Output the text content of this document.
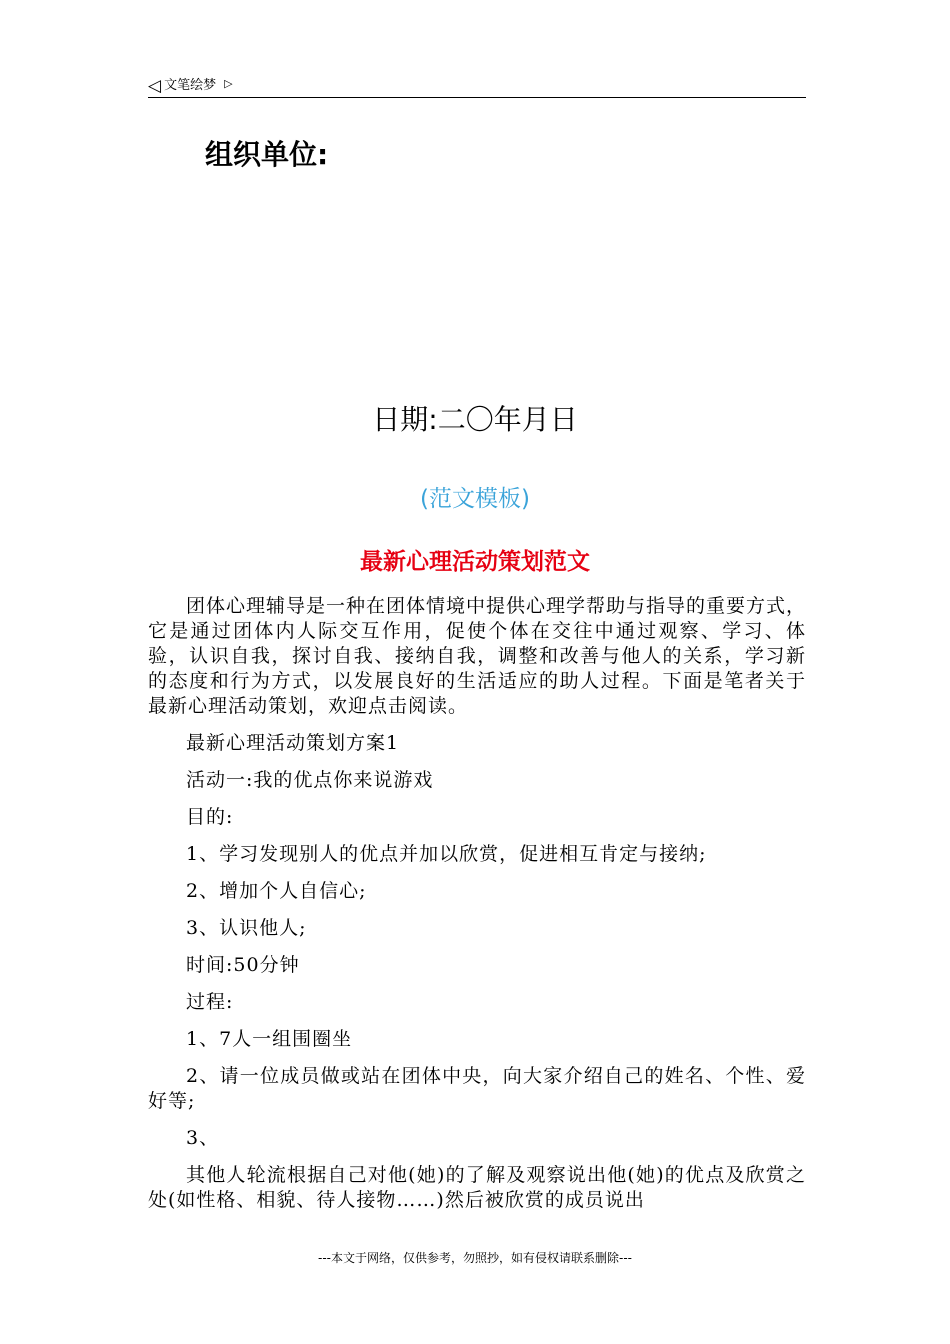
◁ 文笔绘梦 ▷
组织单位:
日期:二〇年月日
(范文模板)
最新心理活动策划范文

团体心理辅导是一种在团体情境中提供心理学帮助与指导的重要方式，它是通过团体内人际交互作用，促使个体在交往中通过观察、学习、体验，认识自我，探讨自我、接纳自我，调整和改善与他人的关系，学习新的态度和行为方式，以发展良好的生活适应的助人过程。下面是笔者关于最新心理活动策划，欢迎点击阅读。

最新心理活动策划方案1

活动一:我的优点你来说游戏

目的:

1、学习发现别人的优点并加以欣赏，促进相互肯定与接纳;

2、增加个人自信心;

3、认识他人;

时间:50分钟

过程:

1、7人一组围圈坐

2、请一位成员做或站在团体中央，向大家介绍自己的姓名、个性、爱好等;

3、

其他人轮流根据自己对他(她)的了解及观察说出他(她)的优点及欣赏之处(如性格、相貌、待人接物……)然后被欣赏的成员说出

---本文于网络，仅供参考，勿照抄，如有侵权请联系删除---
